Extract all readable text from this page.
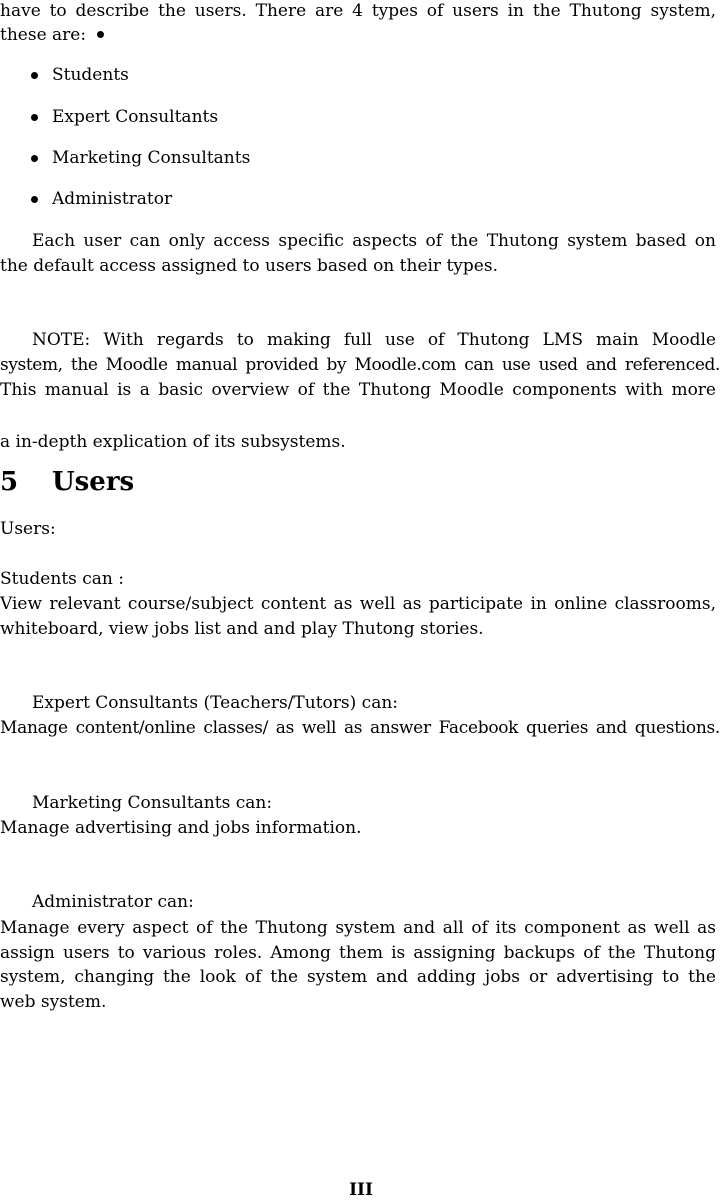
have to describe the users. There are 4 types of users in the Thutong system,
these are:
Students
Expert Consultants
Marketing Consultants
Administrator
Each user can only access specific aspects of the Thutong system based on
the default access assigned to users based on their types.
NOTE: With regards to making full use of Thutong LMS main Moodle
system, the Moodle manual provided by Moodle.com can use used and referenced.
This manual is a basic overview of the Thutong Moodle components with more
a in-depth explication of its subsystems.
5 Users
Users:
Students can :
View relevant course/subject content as well as participate in online classrooms,
whiteboard, view jobs list and and play Thutong stories.
Expert Consultants (Teachers/Tutors) can:
Manage content/online classes/ as well as answer Facebook queries and questions.
Marketing Consultants can:
Manage advertising and jobs information.
Administrator can:
Manage every aspect of the Thutong system and all of its component as well as
assign users to various roles. Among them is assigning backups of the Thutong
system, changing the look of the system and adding jobs or advertising to the
web system.
III
